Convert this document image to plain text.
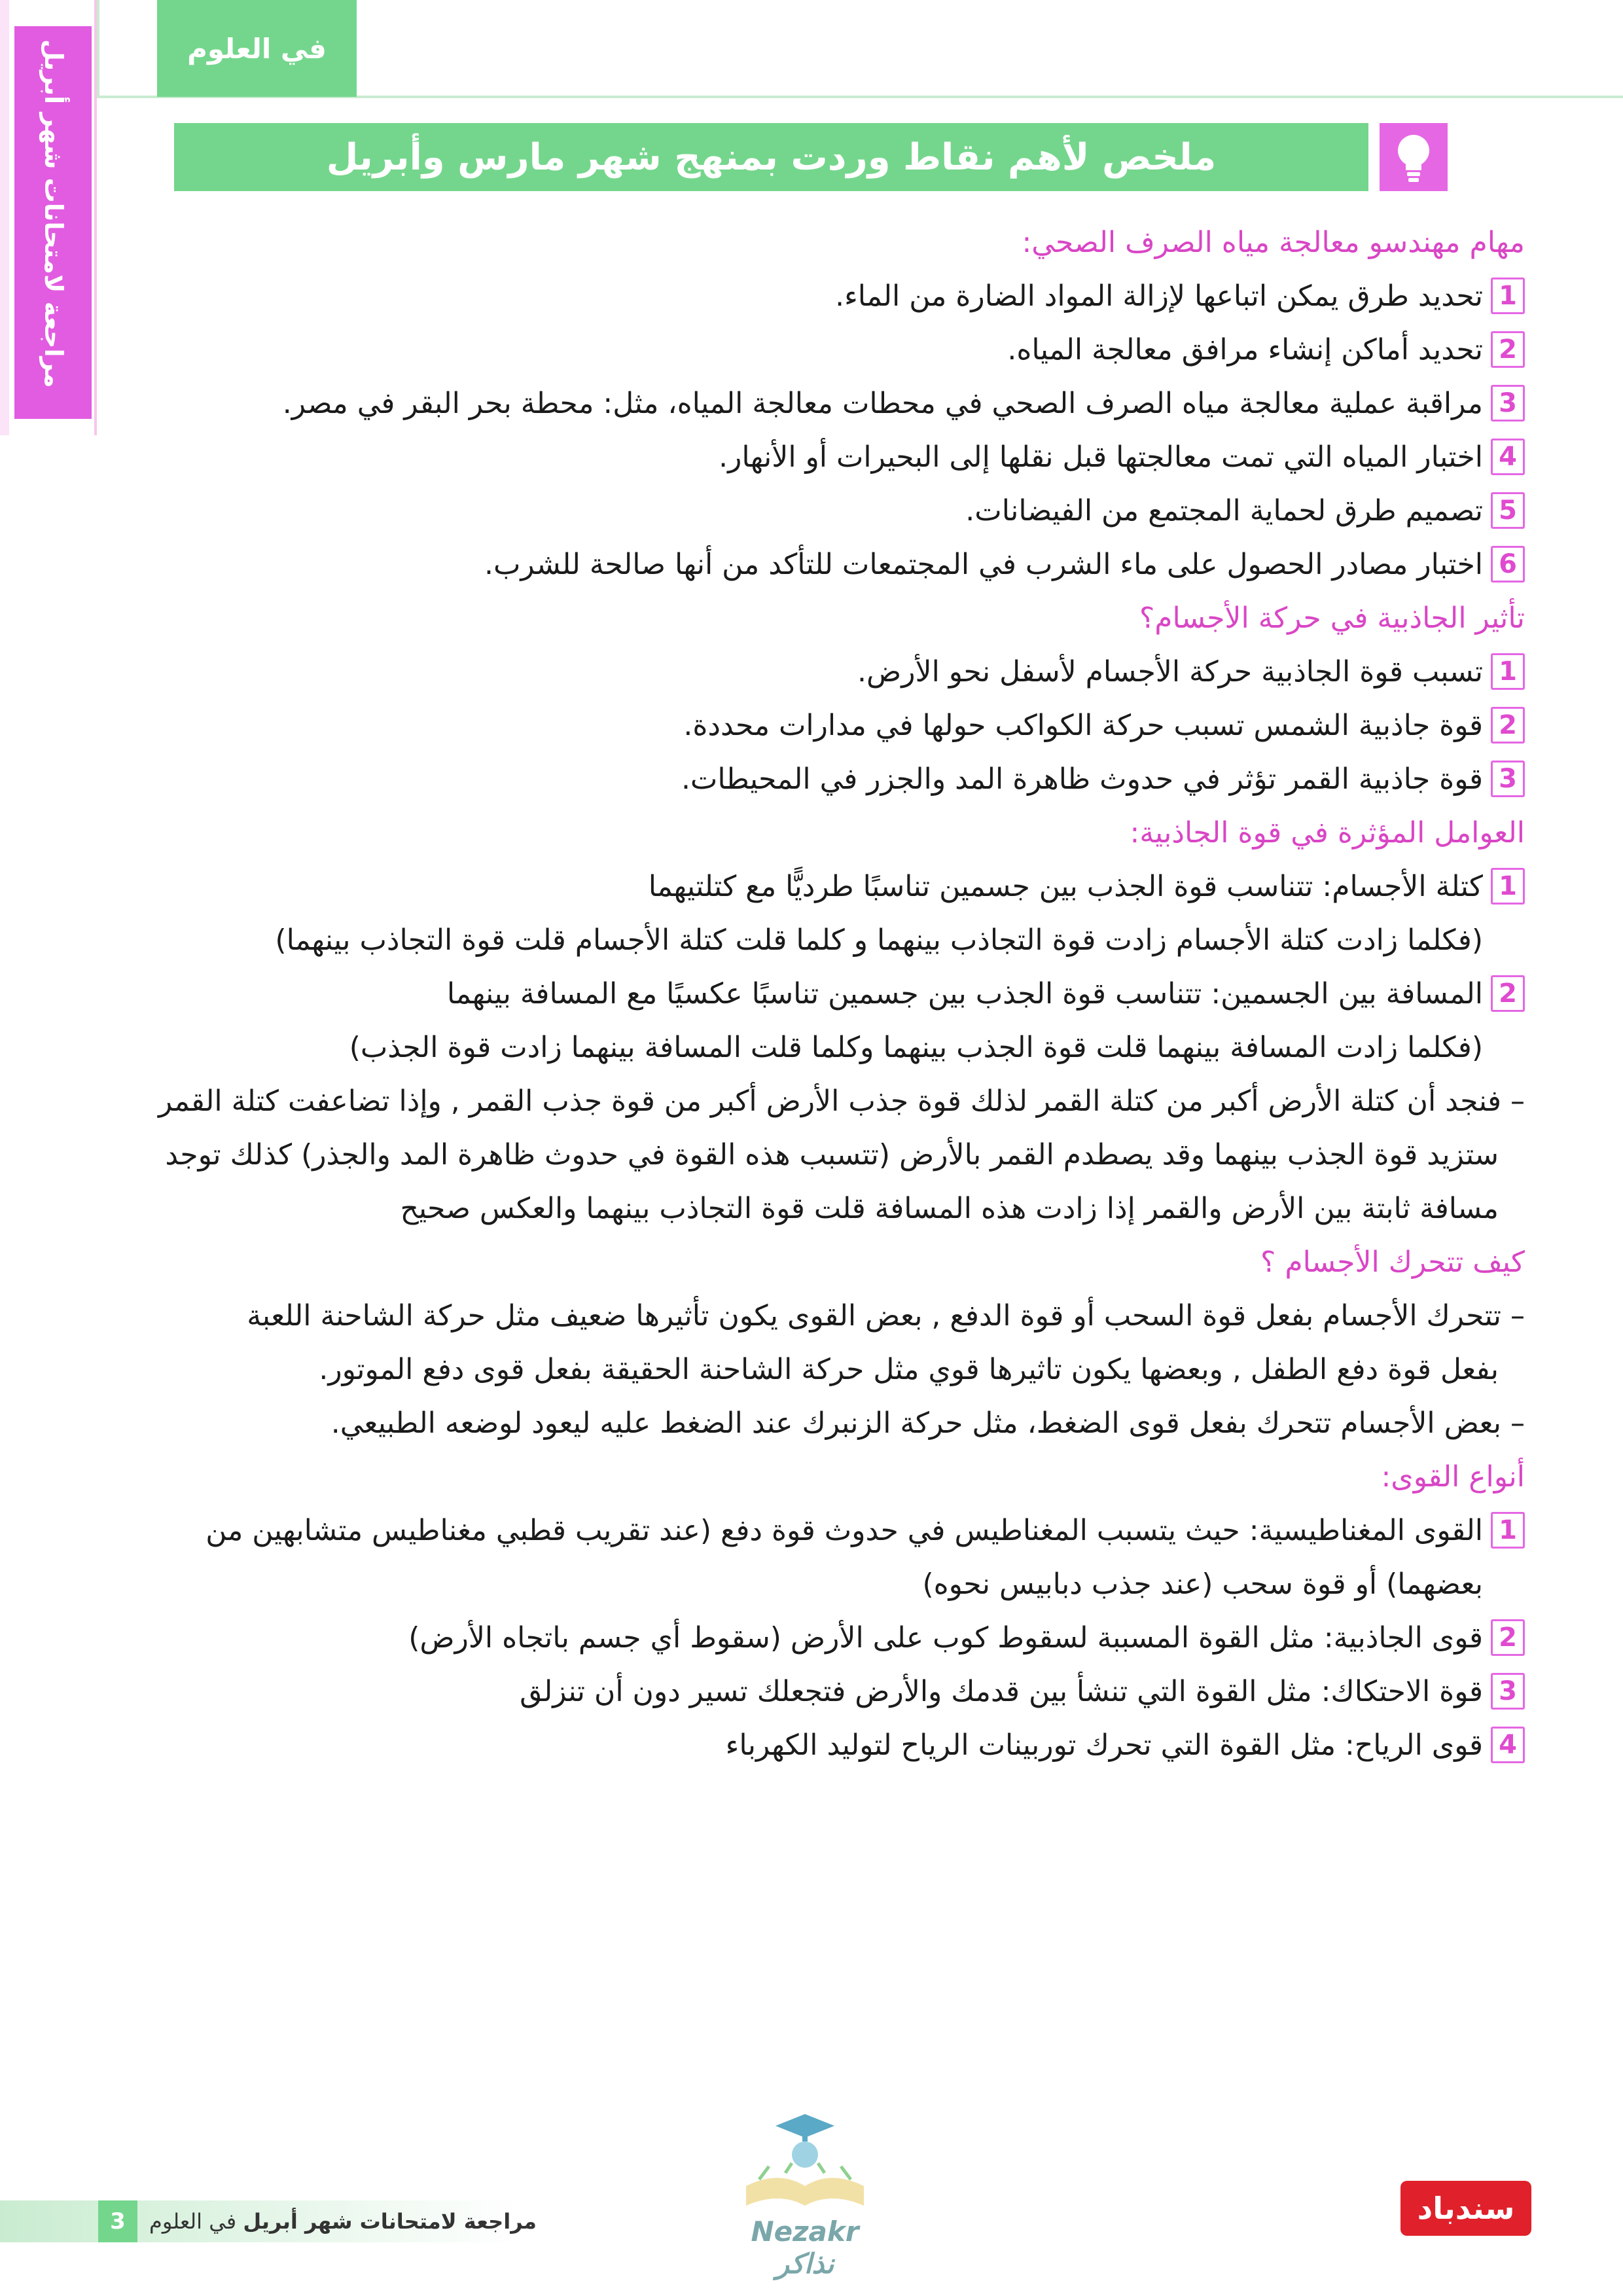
في العلوم
مراجعة لامتحانات شهر أبريل	ملخص لأهم نقاط وردت بمنهج شهر مارس وأبريل
مهام مهندسو معالجة مياه الصرف الصحي:
1
تحديد طرق يمكن اتباعها لإزالة المواد الضارة من الماء.
2
تحديد أماكن إنشاء مرافق معالجة المياه.
3
مراقبة عملية معالجة مياه الصرف الصحي في محطات معالجة المياه، مثل: محطة بحر البقر في مصر.
4
اختبار المياه التي تمت معالجتها قبل نقلها إلى البحيرات أو الأنهار.
5
تصميم طرق لحماية المجتمع من الفيضانات.
6
اختبار مصادر الحصول على ماء الشرب في المجتمعات للتأكد من أنها صالحة للشرب.
تأثير الجاذبية في حركة الأجسام؟
1
تسبب قوة الجاذبية حركة الأجسام لأسفل نحو الأرض.
2
قوة جاذبية الشمس تسبب حركة الكواكب حولها في مدارات محددة.
3
قوة جاذبية القمر تؤثر في حدوث ظاهرة المد والجزر في المحيطات.
العوامل المؤثرة في قوة الجاذبية:
1
كتلة الأجسام: تتناسب قوة الجذب بين جسمين تناسبًا طرديًّا مع كتلتيهما
(فكلما زادت كتلة الأجسام زادت قوة التجاذب بينهما و كلما قلت كتلة الأجسام قلت قوة التجاذب بينهما)
2
المسافة بين الجسمين: تتناسب قوة الجذب بين جسمين تناسبًا عكسيًا مع المسافة بينهما
(فكلما زادت المسافة بينهما قلت قوة الجذب بينهما وكلما قلت المسافة بينهما زادت قوة الجذب)
– فنجد أن كتلة الأرض أكبر من كتلة القمر لذلك قوة جذب الأرض أكبر من قوة جذب القمر , وإذا تضاعفت كتلة القمر
ستزيد قوة الجذب بينهما وقد يصطدم القمر بالأرض (تتسبب هذه القوة في حدوث ظاهرة المد والجذر) كذلك توجد
مسافة ثابتة بين الأرض والقمر إذا زادت هذه المسافة قلت قوة التجاذب بينهما والعكس صحيح
كيف تتحرك الأجسام ؟
– تتحرك الأجسام بفعل قوة السحب أو قوة الدفع , بعض القوى يكون تأثيرها ضعيف مثل حركة الشاحنة اللعبة
بفعل قوة دفع الطفل , وبعضها يكون تاثيرها قوي مثل حركة الشاحنة الحقيقة بفعل قوى دفع الموتور.
– بعض الأجسام تتحرك بفعل قوى الضغط، مثل حركة الزنبرك عند الضغط عليه ليعود لوضعه الطبيعي.
أنواع القوى:
1
القوى المغناطيسية: حيث يتسبب المغناطيس في حدوث قوة دفع (عند تقريب قطبي مغناطيس متشابهين من
بعضهما) أو قوة سحب (عند جذب دبابيس نحوه)
2
قوى الجاذبية: مثل القوة المسببة لسقوط كوب على الأرض (سقوط أي جسم باتجاه الأرض)
3
قوة الاحتكاك: مثل القوة التي تنشأ بين قدمك والأرض فتجعلك تسير دون أن تنزلق
4
قوى الرياح: مثل القوة التي تحرك توربينات الرياح لتوليد الكهرباء
3	مراجعة لامتحانات شهر أبريل

في العلوم	Nezakr نذاكر
سندباد
